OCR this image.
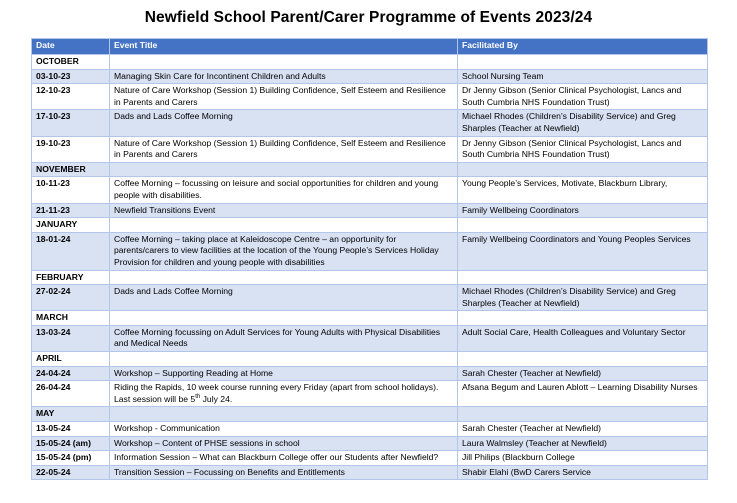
Newfield School Parent/Carer Programme of Events 2023/24
Date	Event Title	Facilitated By
OCTOBER		
03-10-23	Managing Skin Care for Incontinent Children and Adults	School Nursing Team
12-10-23	Nature of Care Workshop (Session 1) Building Confidence, Self Esteem and Resilience in Parents and Carers	Dr Jenny Gibson (Senior Clinical Psychologist, Lancs and South Cumbria NHS Foundation Trust)
17-10-23	Dads and Lads Coffee Morning	Michael Rhodes (Children’s Disability Service) and Greg Sharples (Teacher at Newfield)
19-10-23	Nature of Care Workshop (Session 1) Building Confidence, Self Esteem and Resilience in Parents and Carers	Dr Jenny Gibson (Senior Clinical Psychologist, Lancs and South Cumbria NHS Foundation Trust)
NOVEMBER		
10-11-23	Coffee Morning – focussing on leisure and social opportunities for children and young people with disabilities.	Young People’s Services, Motivate, Blackburn Library,
21-11-23	Newfield Transitions Event	Family Wellbeing Coordinators
JANUARY		
18-01-24	Coffee Morning – taking place at Kaleidoscope Centre – an opportunity for parents/carers to view facilities at the location of the Young People’s Services Holiday Provision for children and young people with disabilities	Family Wellbeing Coordinators and Young Peoples Services
FEBRUARY		
27-02-24	Dads and Lads Coffee Morning	Michael Rhodes (Children’s Disability Service) and Greg Sharples (Teacher at Newfield)
MARCH		
13-03-24	Coffee Morning focussing on Adult Services for Young Adults with Physical Disabilities and Medical Needs	Adult Social Care, Health Colleagues and Voluntary Sector
APRIL		
24-04-24	Workshop – Supporting Reading at Home	Sarah Chester (Teacher at Newfield)
26-04-24	Riding the Rapids, 10 week course running every Friday (apart from school holidays). Last session will be 5th July 24.	Afsana Begum and Lauren Ablott – Learning Disability Nurses
MAY		
13-05-24	Workshop - Communication	Sarah Chester (Teacher at Newfield)
15-05-24 (am)	Workshop – Content of PHSE sessions in school	Laura Walmsley (Teacher at Newfield)
15-05-24 (pm)	Information Session – What can Blackburn College offer our Students after Newfield?	Jill Philips (Blackburn College
22-05-24	Transition Session – Focussing on Benefits and Entitlements	Shabir Elahi (BwD Carers Service
